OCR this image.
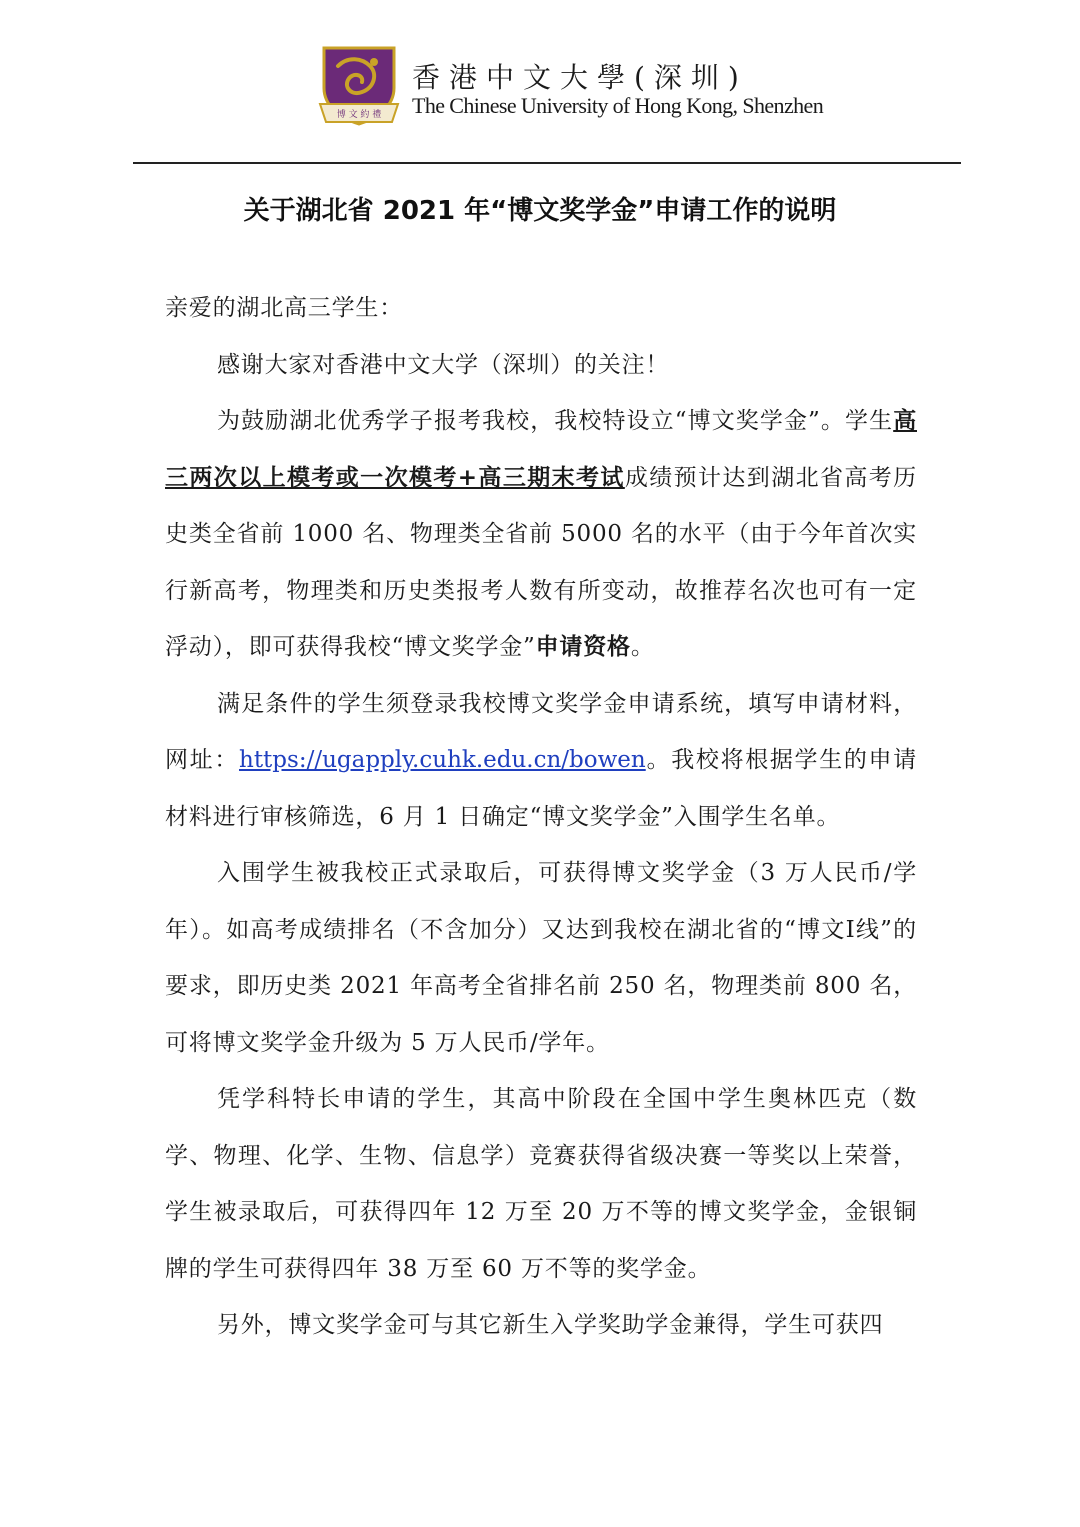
博 文 約 禮
香港中文大學(深圳)
The Chinese University of Hong Kong, Shenzhen
关于湖北省 2021 年“博文奖学金”申请工作的说明

亲爱的湖北高三学生：

感谢大家对香港中文大学（深圳）的关注！

为鼓励湖北优秀学子报考我校，我校特设立“博文奖学金”。学生高三两次以上模考或一次模考+高三期末考试成绩预计达到湖北省高考历史类全省前 1000 名、物理类全省前 5000 名的水平（由于今年首次实行新高考，物理类和历史类报考人数有所变动，故推荐名次也可有一定浮动），即可获得我校“博文奖学金”申请资格。

满足条件的学生须登录我校博文奖学金申请系统，填写申请材料，网址：https://ugapply.cuhk.edu.cn/bowen。我校将根据学生的申请材料进行审核筛选，6 月 1 日确定“博文奖学金”入围学生名单。

入围学生被我校正式录取后，可获得博文奖学金（3 万人民币/学年）。如高考成绩排名（不含加分）又达到我校在湖北省的“博文Ⅰ线”的要求，即历史类 2021 年高考全省排名前 250 名，物理类前 800 名，可将博文奖学金升级为 5 万人民币/学年。

凭学科特长申请的学生，其高中阶段在全国中学生奥林匹克（数学、物理、化学、生物、信息学）竞赛获得省级决赛一等奖以上荣誉，学生被录取后，可获得四年 12 万至 20 万不等的博文奖学金，金银铜牌的学生可获得四年 38 万至 60 万不等的奖学金。

另外，博文奖学金可与其它新生入学奖助学金兼得，学生可获四
